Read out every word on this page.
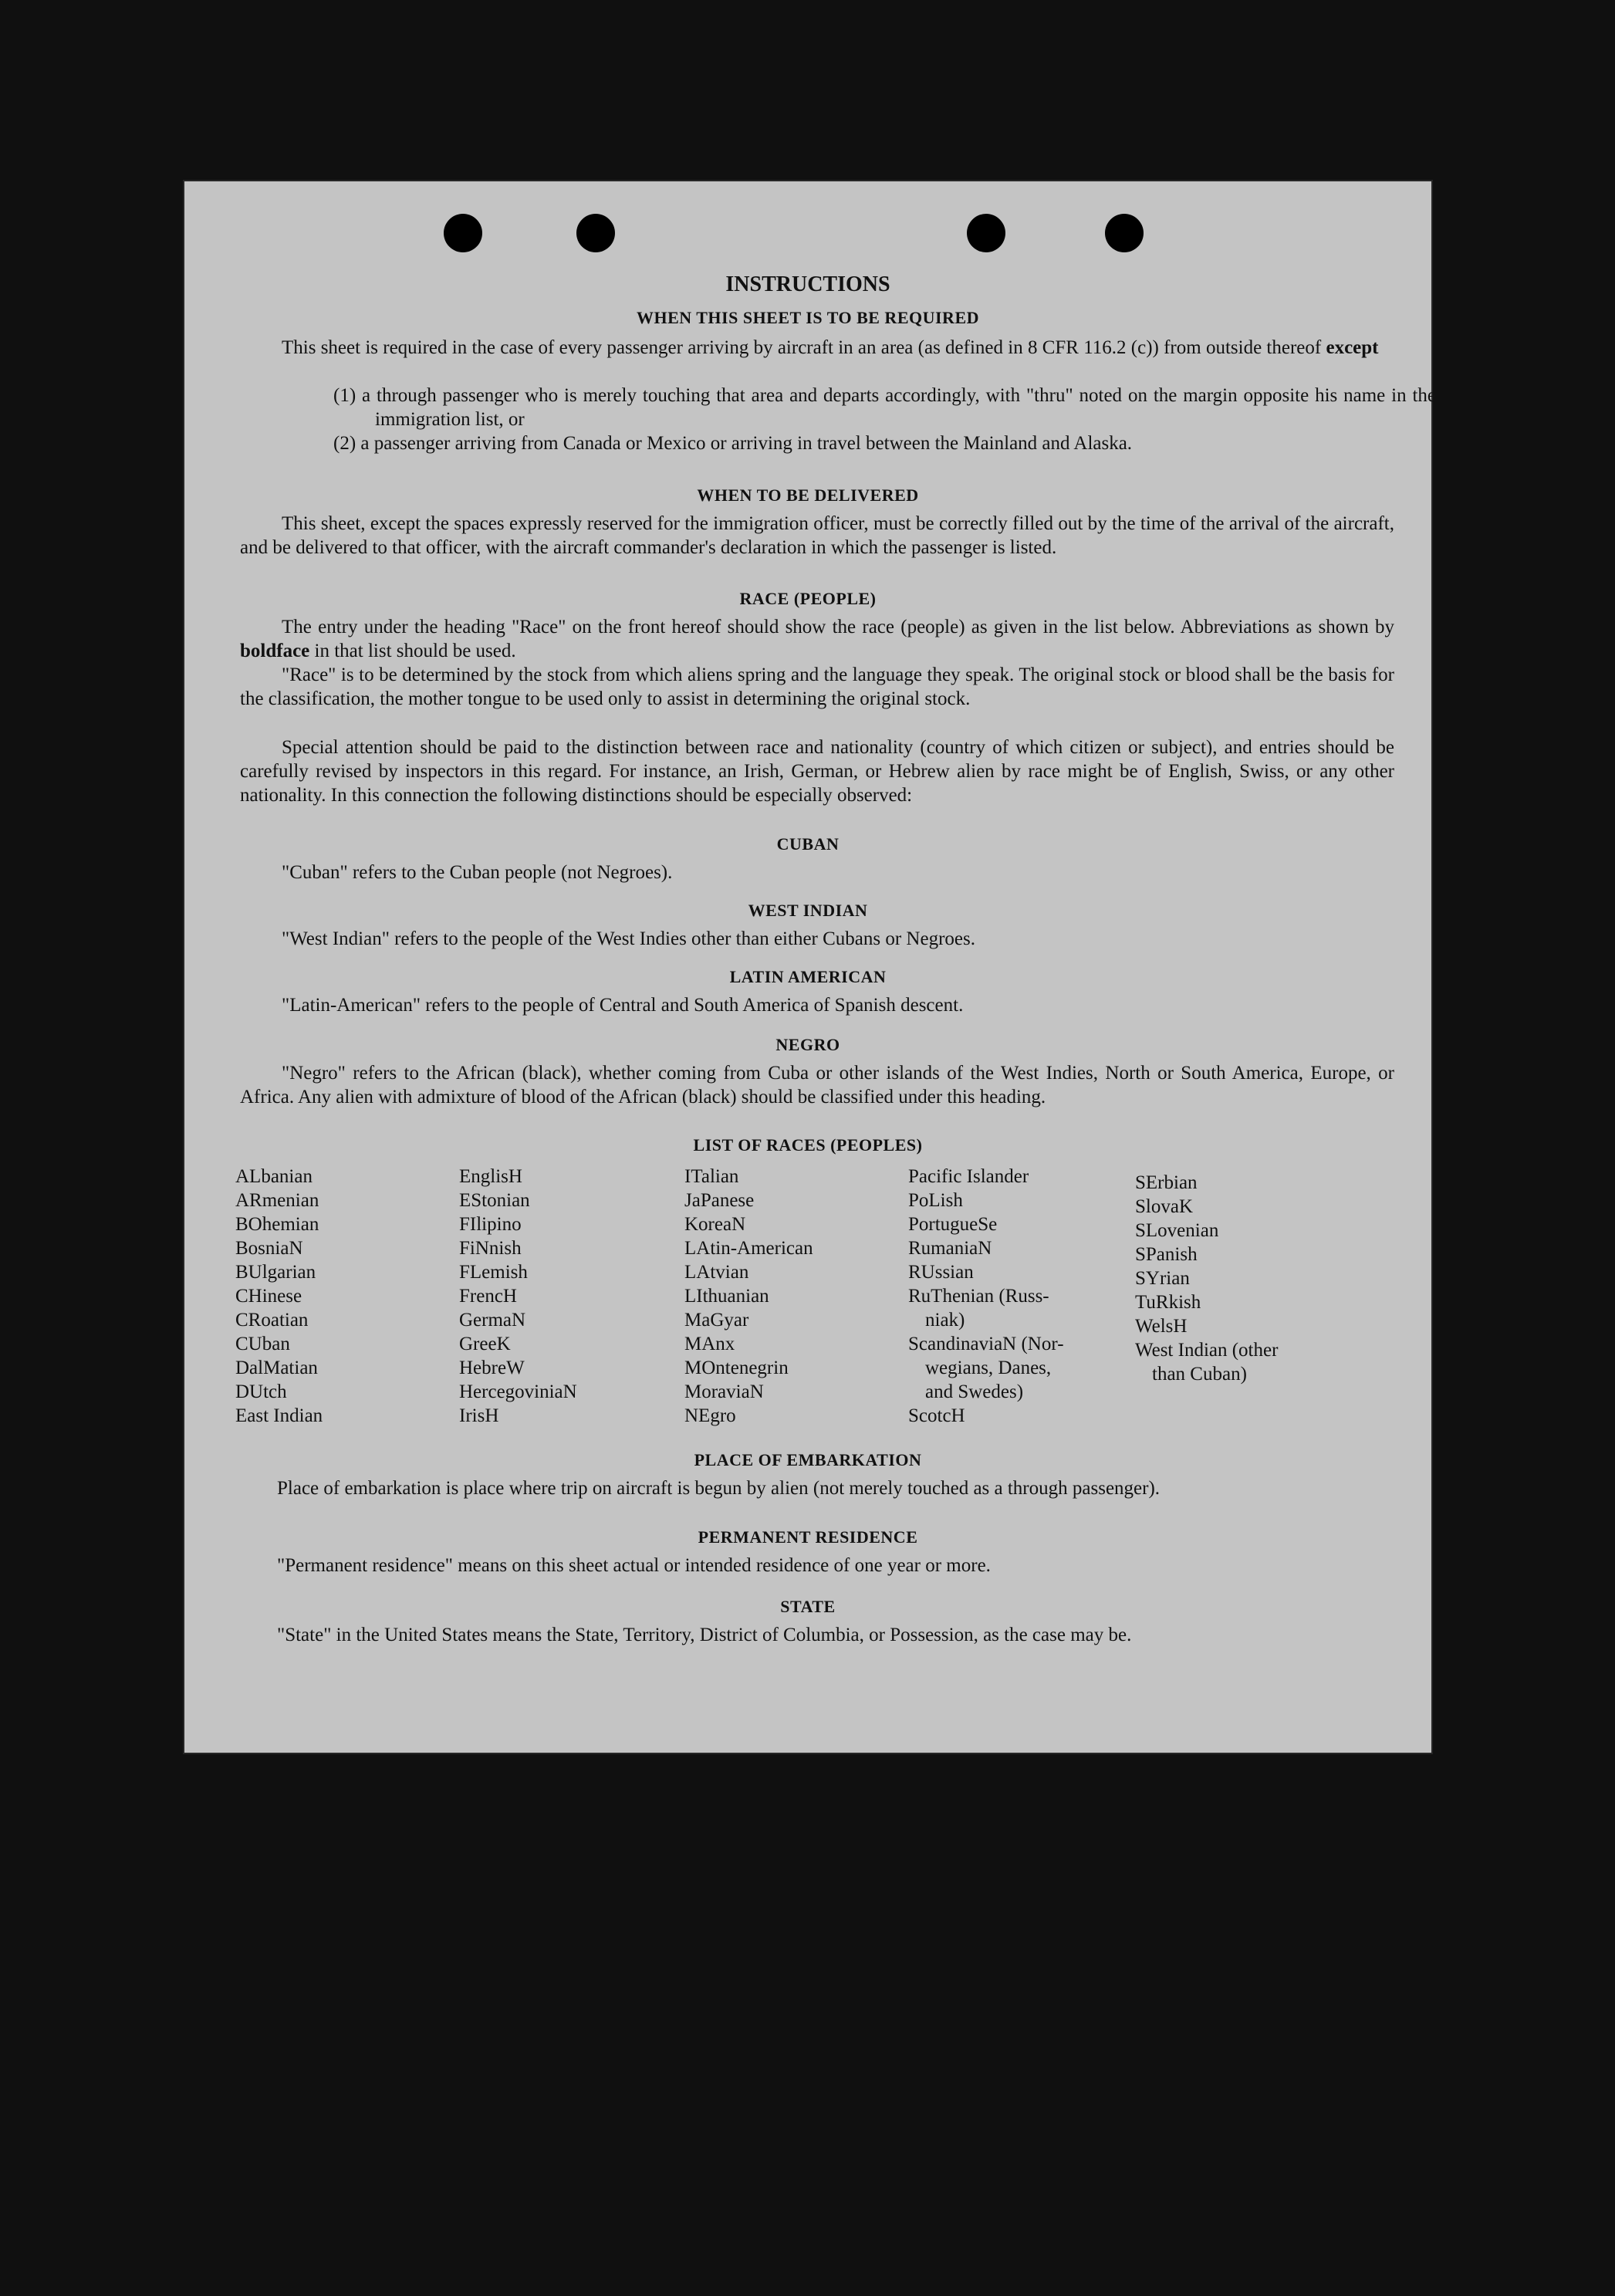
INSTRUCTIONS
WHEN THIS SHEET IS TO BE REQUIRED

This sheet is required in the case of every passenger arriving by aircraft in an area (as defined in 8 CFR 116.2 (c)) from outside thereof except

(1) a through passenger who is merely touching that area and departs accordingly, with "thru" noted on the margin opposite his name in the immigration list, or

(2) a passenger arriving from Canada or Mexico or arriving in travel between the Mainland and Alaska.

WHEN TO BE DELIVERED

This sheet, except the spaces expressly reserved for the immigration officer, must be correctly filled out by the time of the arrival of the aircraft, and be delivered to that officer, with the aircraft commander's declaration in which the passenger is listed.

RACE (PEOPLE)

The entry under the heading "Race" on the front hereof should show the race (people) as given in the list below. Abbreviations as shown by boldface in that list should be used.

"Race" is to be determined by the stock from which aliens spring and the language they speak. The original stock or blood shall be the basis for the classification, the mother tongue to be used only to assist in determining the original stock.

Special attention should be paid to the distinction between race and nationality (country of which citizen or subject), and entries should be carefully revised by inspectors in this regard. For instance, an Irish, German, or Hebrew alien by race might be of English, Swiss, or any other nationality. In this connection the following distinctions should be especially observed:

CUBAN

"Cuban" refers to the Cuban people (not Negroes).

WEST INDIAN

"West Indian" refers to the people of the West Indies other than either Cubans or Negroes.

LATIN AMERICAN

"Latin-American" refers to the people of Central and South America of Spanish descent.

NEGRO

"Negro" refers to the African (black), whether coming from Cuba or other islands of the West Indies, North or South America, Europe, or Africa. Any alien with admixture of blood of the African (black) should be classified under this heading.

LIST OF RACES (PEOPLES)
ALbanian
ARmenian
BOhemian
BosniaN
BUlgarian
CHinese
CRoatian
CUban
DalMatian
DUtch
East Indian
EnglisH
EStonian
FIlipino
FiNnish
FLemish
FrencH
GermaN
GreeK
HebreW
HercegoviniaN
IrisH
ITalian
JaPanese
KoreaN
LAtin-American
LAtvian
LIthuanian
MaGyar
MAnx
MOntenegrin
MoraviaN
NEgro
Pacific Islander
PoLish
PortugueSe
RumaniaN
RUssian
RuThenian (Russ-
niak)
ScandinaviaN (Nor-
wegians, Danes,
and Swedes)
ScotcH
SErbian
SlovaK
SLovenian
SPanish
SYrian
TuRkish
WelsH
West Indian (other
than Cuban)
PLACE OF EMBARKATION

Place of embarkation is place where trip on aircraft is begun by alien (not merely touched as a through passenger).

PERMANENT RESIDENCE

"Permanent residence" means on this sheet actual or intended residence of one year or more.

STATE

"State" in the United States means the State, Territory, District of Columbia, or Possession, as the case may be.
